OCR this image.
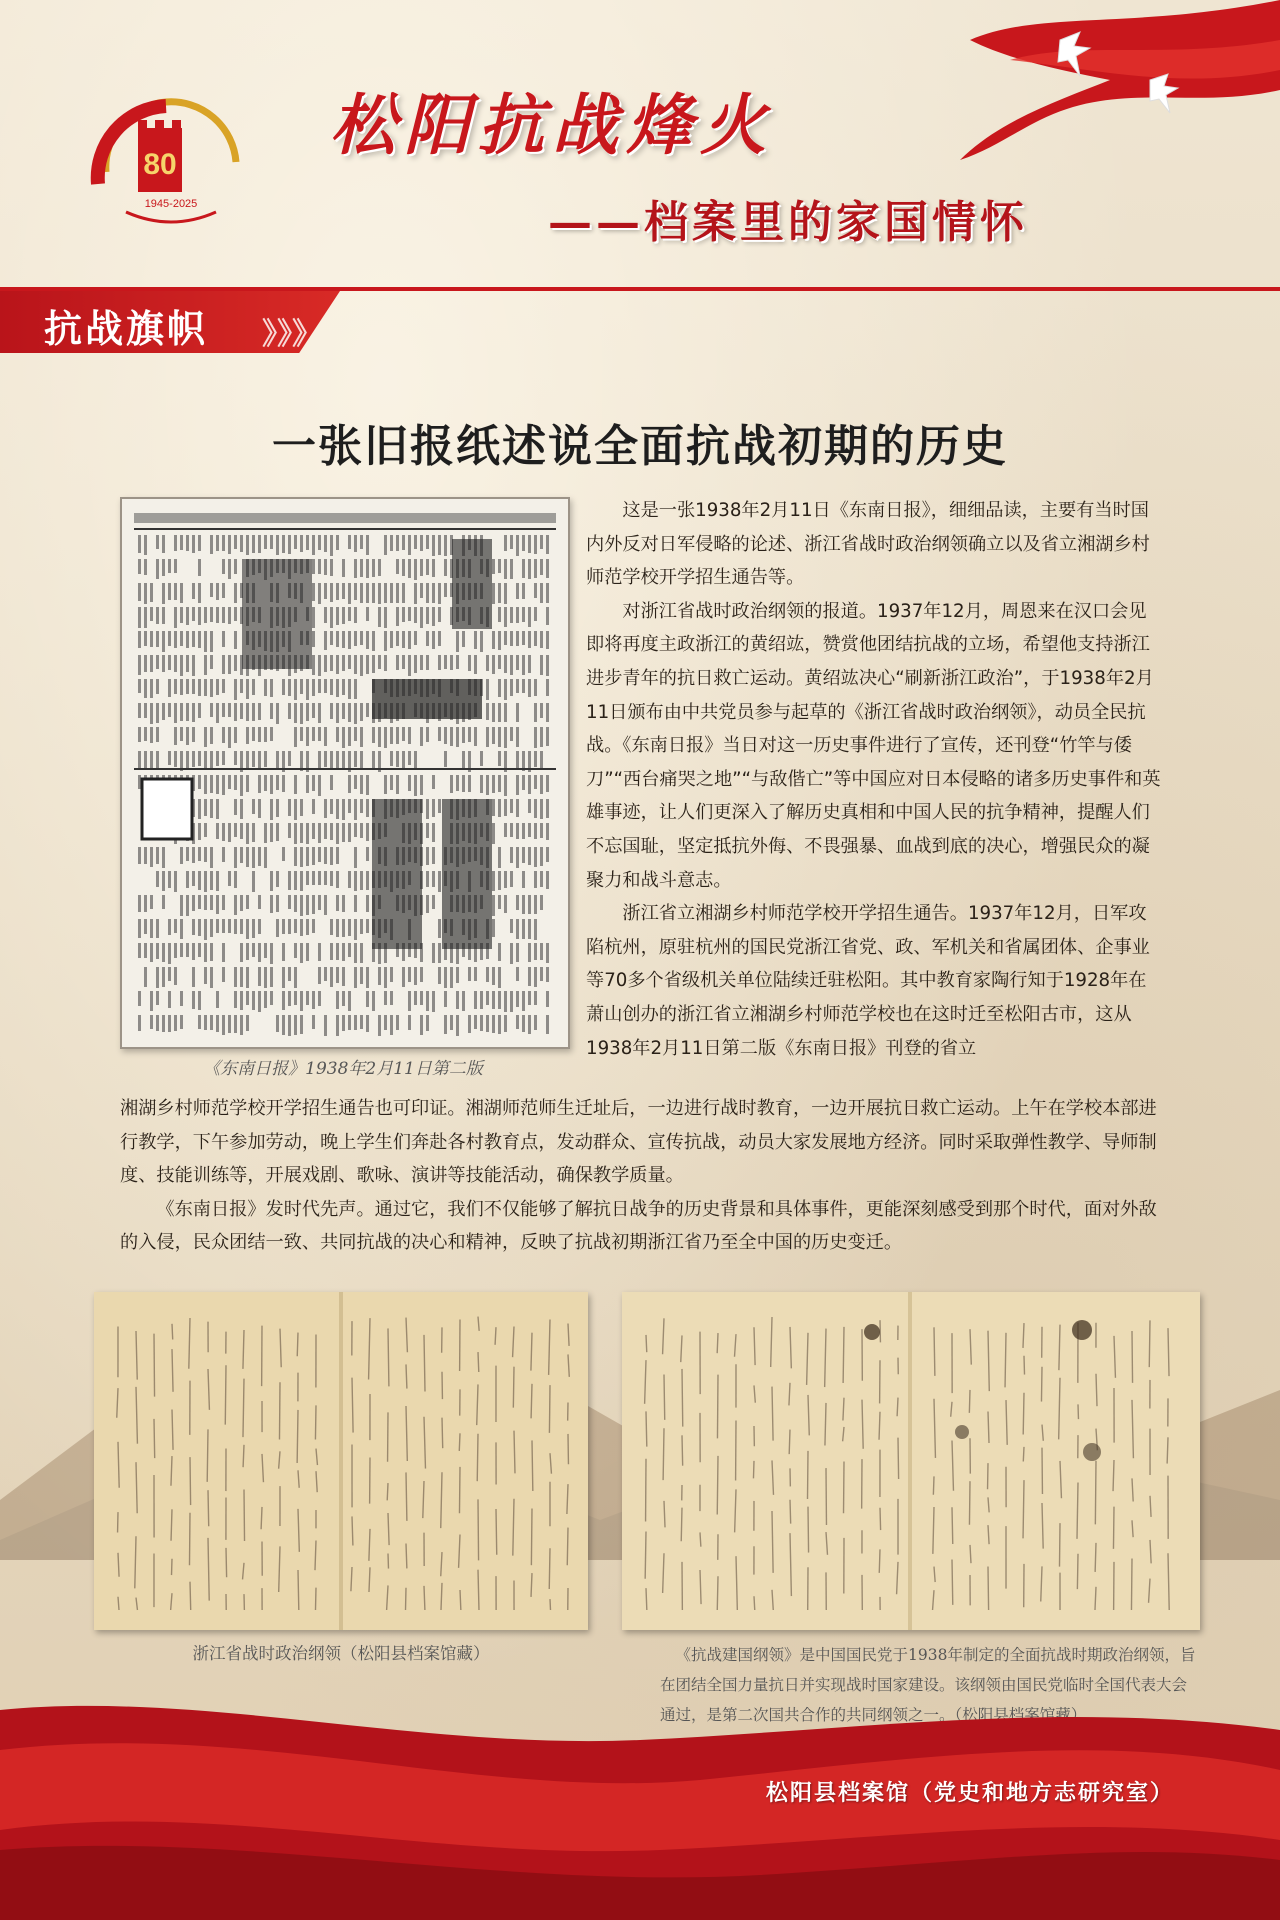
80
1945-2025
松阳抗战烽火
——档案里的家国情怀
抗战旗帜 》》》
一张旧报纸述说全面抗战初期的历史
《东南日报》1938年2月11日第二版

这是一张1938年2月11日《东南日报》，细细品读，主要有当时国内外反对日军侵略的论述、浙江省战时政治纲领确立以及省立湘湖乡村师范学校开学招生通告等。

对浙江省战时政治纲领的报道。1937年12月，周恩来在汉口会见即将再度主政浙江的黄绍竑，赞赏他团结抗战的立场，希望他支持浙江进步青年的抗日救亡运动。黄绍竑决心“刷新浙江政治”，于1938年2月11日颁布由中共党员参与起草的《浙江省战时政治纲领》，动员全民抗战。《东南日报》当日对这一历史事件进行了宣传，还刊登“竹竿与倭刀”“西台痛哭之地”“与敌偕亡”等中国应对日本侵略的诸多历史事件和英雄事迹，让人们更深入了解历史真相和中国人民的抗争精神，提醒人们不忘国耻，坚定抵抗外侮、不畏强暴、血战到底的决心，增强民众的凝聚力和战斗意志。

浙江省立湘湖乡村师范学校开学招生通告。1937年12月，日军攻陷杭州，原驻杭州的国民党浙江省党、政、军机关和省属团体、企事业等70多个省级机关单位陆续迁驻松阳。其中教育家陶行知于1928年在萧山创办的浙江省立湘湖乡村师范学校也在这时迁至松阳古市，这从1938年2月11日第二版《东南日报》刊登的省立

湘湖乡村师范学校开学招生通告也可印证。湘湖师范师生迁址后，一边进行战时教育，一边开展抗日救亡运动。上午在学校本部进行教学，下午参加劳动，晚上学生们奔赴各村教育点，发动群众、宣传抗战，动员大家发展地方经济。同时采取弹性教学、导师制度、技能训练等，开展戏剧、歌咏、演讲等技能活动，确保教学质量。

《东南日报》发时代先声。通过它，我们不仅能够了解抗日战争的历史背景和具体事件，更能深刻感受到那个时代，面对外敌的入侵，民众团结一致、共同抗战的决心和精神，反映了抗战初期浙江省乃至全中国的历史变迁。

浙江省战时政治纲领（松阳县档案馆藏）	《抗战建国纲领》是中国国民党于1938年制定的全面抗战时期政治纲领，旨在团结全国力量抗日并实现战时国家建设。该纲领由国民党临时全国代表大会通过，是第二次国共合作的共同纲领之一。（松阳县档案馆藏）
松阳县档案馆（党史和地方志研究室）
